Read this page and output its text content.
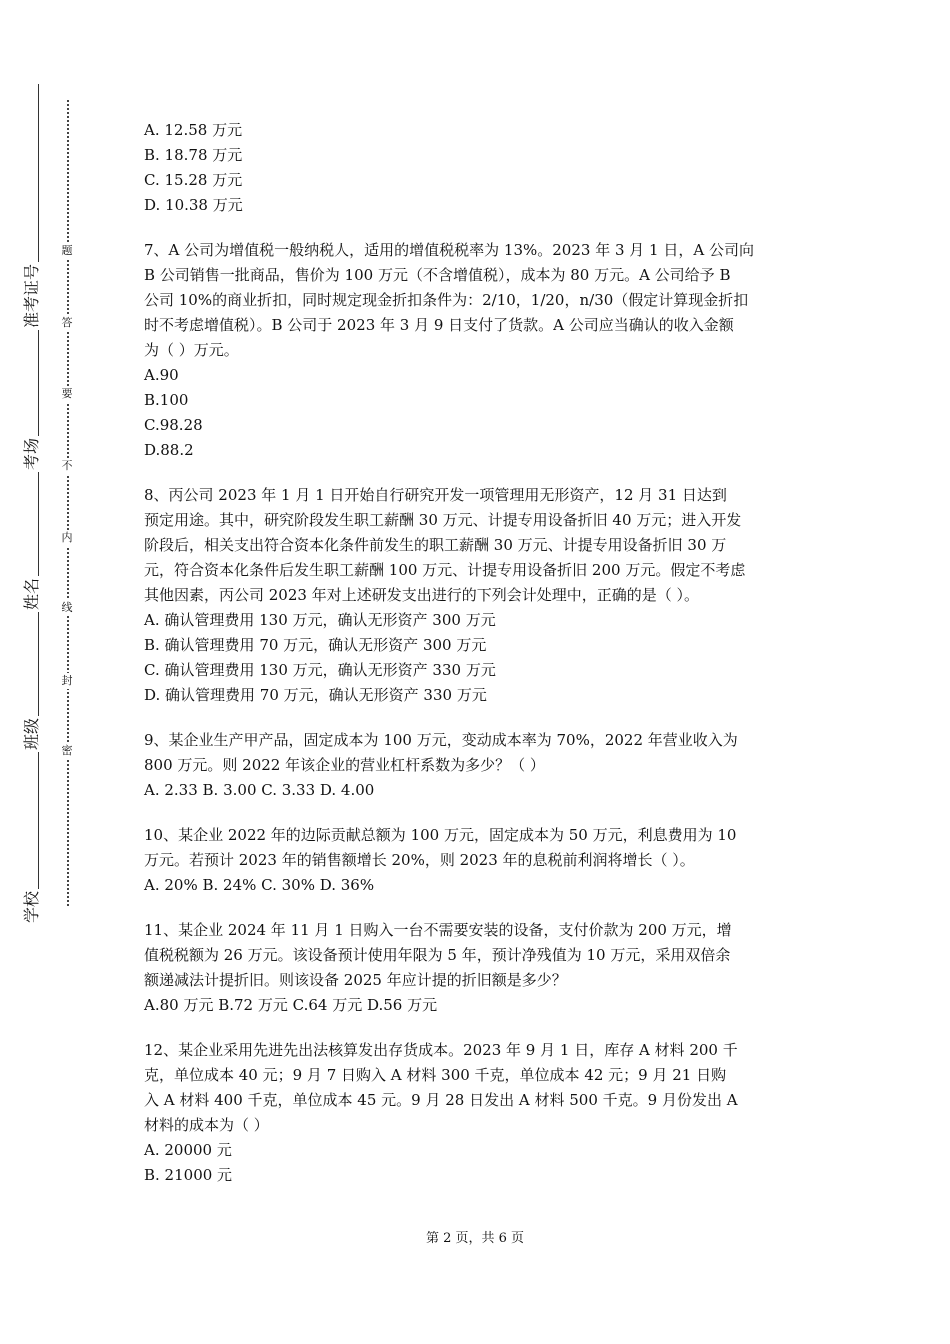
学校
班级
姓名
考场
准考证号
密
封
线
内
不
要
答
题
A. 12.58 万元
B. 18.78 万元
C. 15.28 万元
D. 10.38 万元
7、A 公司为增值税一般纳税人，适用的增值税税率为 13%。2023 年 3 月 1 日，A 公司向
B 公司销售一批商品，售价为 100 万元（不含增值税），成本为 80 万元。A 公司给予 B
公司 10%的商业折扣，同时规定现金折扣条件为：2/10，1/20，n/30（假定计算现金折扣
时不考虑增值税）。B 公司于 2023 年 3 月 9 日支付了货款。A 公司应当确认的收入金额
为（ ）万元。
A.90
B.100
C.98.28
D.88.2
8、丙公司 2023 年 1 月 1 日开始自行研究开发一项管理用无形资产，12 月 31 日达到
预定用途。其中，研究阶段发生职工薪酬 30 万元、计提专用设备折旧 40 万元；进入开发
阶段后，相关支出符合资本化条件前发生的职工薪酬 30 万元、计提专用设备折旧 30 万
元，符合资本化条件后发生职工薪酬 100 万元、计提专用设备折旧 200 万元。假定不考虑
其他因素，丙公司 2023 年对上述研发支出进行的下列会计处理中，正确的是（ ）。
A. 确认管理费用 130 万元，确认无形资产 300 万元
B. 确认管理费用 70 万元，确认无形资产 300 万元
C. 确认管理费用 130 万元，确认无形资产 330 万元
D. 确认管理费用 70 万元，确认无形资产 330 万元
9、某企业生产甲产品，固定成本为 100 万元，变动成本率为 70%，2022 年营业收入为
800 万元。则 2022 年该企业的营业杠杆系数为多少？（ ）
A. 2.33 B. 3.00 C. 3.33 D. 4.00
10、某企业 2022 年的边际贡献总额为 100 万元，固定成本为 50 万元，利息费用为 10
万元。若预计 2023 年的销售额增长 20%，则 2023 年的息税前利润将增长（ ）。
A. 20% B. 24% C. 30% D. 36%
11、某企业 2024 年 11 月 1 日购入一台不需要安装的设备，支付价款为 200 万元，增
值税税额为 26 万元。该设备预计使用年限为 5 年，预计净残值为 10 万元，采用双倍余
额递减法计提折旧。则该设备 2025 年应计提的折旧额是多少？
A.80 万元 B.72 万元 C.64 万元 D.56 万元
12、某企业采用先进先出法核算发出存货成本。2023 年 9 月 1 日，库存 A 材料 200 千
克，单位成本 40 元；9 月 7 日购入 A 材料 300 千克，单位成本 42 元；9 月 21 日购
入 A 材料 400 千克，单位成本 45 元。9 月 28 日发出 A 材料 500 千克。9 月份发出 A
材料的成本为（ ）
A. 20000 元
B. 21000 元
第 2 页，共 6 页
